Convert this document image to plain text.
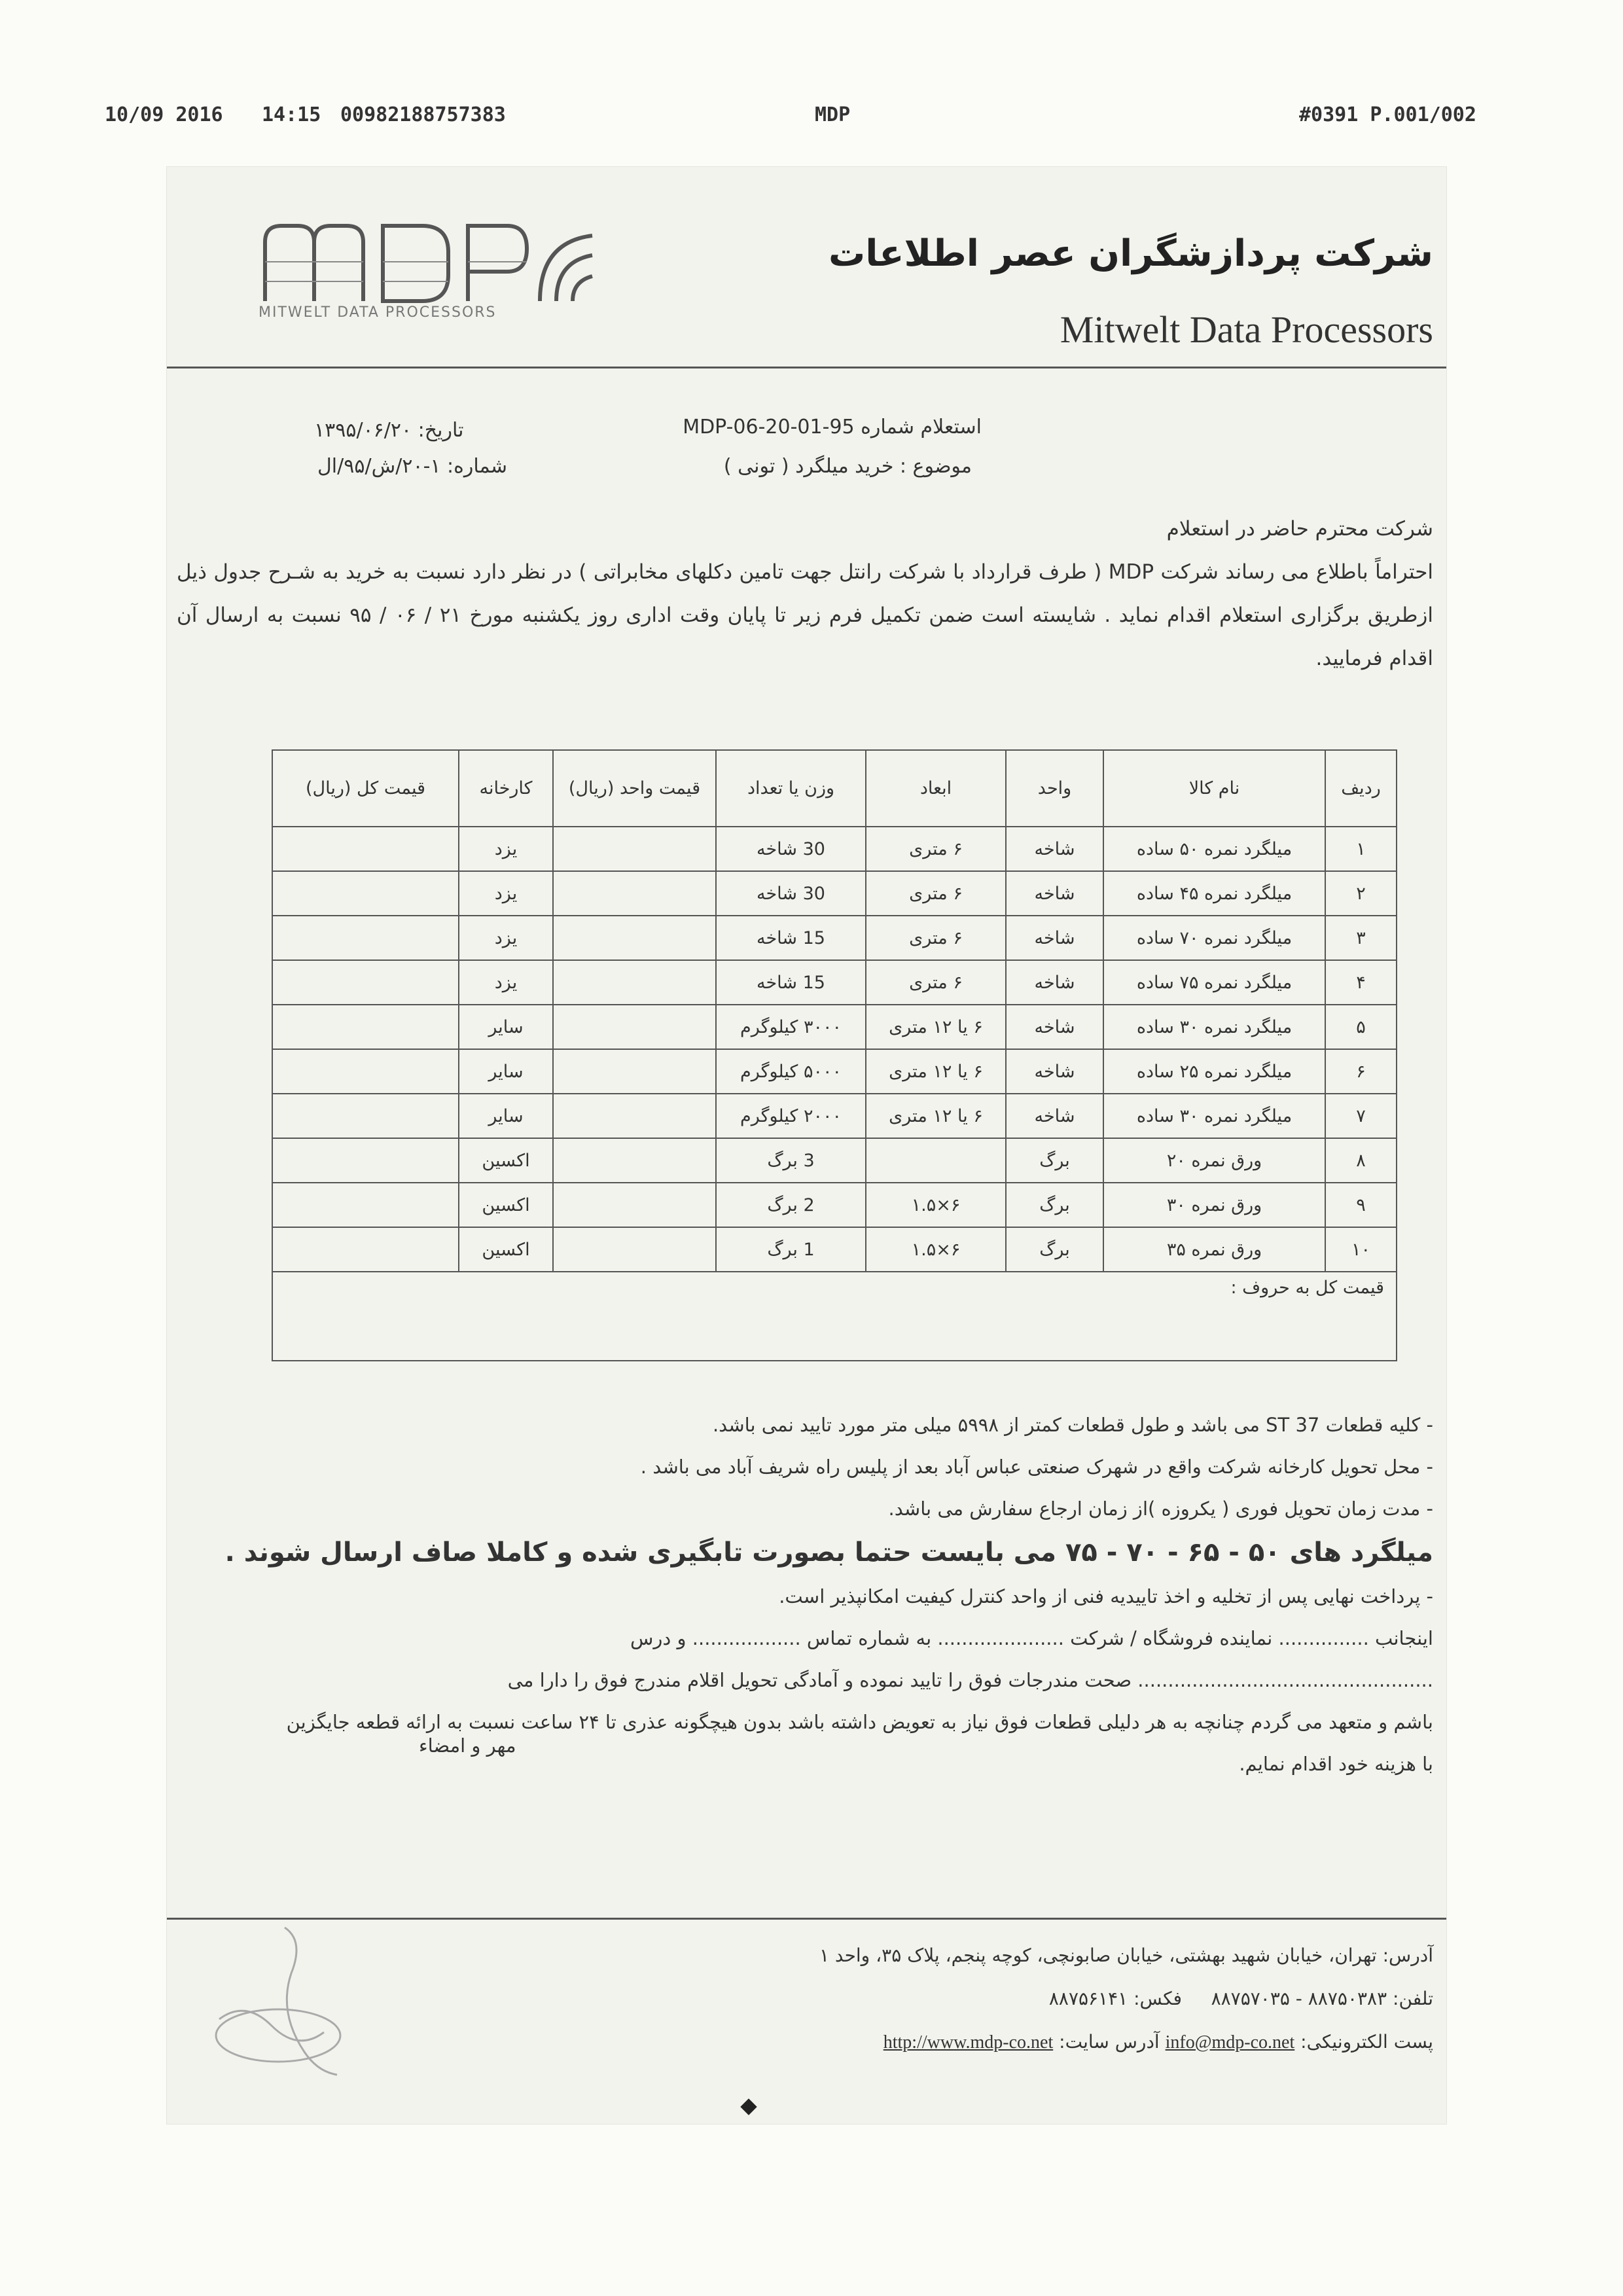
10/09 2016 14:15 00982188757383	MDP	#0391 P.001/002
MITWELT DATA PROCESSORS
شرکت پردازشگران عصر اطلاعات
Mitwelt Data Processors
استعلام شماره 95-MDP-06-20-01
موضوع : خرید میلگرد ( تونی )
تاریخ: ۱۳۹۵/۰۶/۲۰
شماره: ۱-۲۰/ش/۹۵/ال

شرکت محترم حاضر در استعلام

احتراماً باطلاع می رساند شرکت MDP ( طرف قرارداد با شرکت رانتل جهت تامین دکلهای مخابراتی ) در نظر دارد نسبت به خرید به شـرح جدول ذیل ازطریق برگزاری استعلام اقدام نماید . شایسته است ضمن تکمیل فرم زیر تا پایان وقت اداری روز یکشنبه مورخ ۲۱ / ۰۶ / ۹۵ نسبت به ارسال آن اقدام فرمایید.

ردیف	نام کالا	واحد	ابعاد	وزن یا تعداد	قیمت واحد (ریال)	کارخانه	قیمت کل (ریال)
۱	میلگرد نمره ۵۰ ساده	شاخه	۶ متری	30 شاخه		یزد	
۲	میلگرد نمره ۴۵ ساده	شاخه	۶ متری	30 شاخه		یزد	
۳	میلگرد نمره ۷۰ ساده	شاخه	۶ متری	15 شاخه		یزد	
۴	میلگرد نمره ۷۵ ساده	شاخه	۶ متری	15 شاخه		یزد	
۵	میلگرد نمره ۳۰ ساده	شاخه	۶ یا ۱۲ متری	۳۰۰۰ کیلوگرم		سایر	
۶	میلگرد نمره ۲۵ ساده	شاخه	۶ یا ۱۲ متری	۵۰۰۰ کیلوگرم		سایر	
۷	میلگرد نمره ۳۰ ساده	شاخه	۶ یا ۱۲ متری	۲۰۰۰ کیلوگرم		سایر	
۸	ورق نمره ۲۰	برگ		3 برگ		اکسین	
۹	ورق نمره ۳۰	برگ	۶×۱.۵	2 برگ		اکسین	
۱۰	ورق نمره ۳۵	برگ	۶×۱.۵	1 برگ		اکسین	
قیمت کل به حروف :							

- کلیه قطعات ST 37 می باشد و طول قطعات کمتر از ۵۹۹۸ میلی متر مورد تایید نمی باشد.

- محل تحویل کارخانه شرکت واقع در شهرک صنعتی عباس آباد بعد از پلیس راه شریف آباد می باشد .

- مدت زمان تحویل فوری ( یکروزه )از زمان ارجاع سفارش می باشد.

میلگرد های ۵۰ - ۶۵ - ۷۰ - ۷۵ می بایست حتما بصورت تابگیری شده و کاملا صاف ارسال شوند .

- پرداخت نهایی پس از تخلیه و اخذ تاییدیه فنی از واحد کنترل کیفیت امکانپذیر است.

اینجانب ............... نماینده فروشگاه / شرکت ..................... به شماره تماس .................. و درس

................................................. صحت مندرجات فوق را تایید نموده و آمادگی تحویل اقلام مندرج فوق را دارا می

باشم و متعهد می گردم چنانچه به هر دلیلی قطعات فوق نیاز به تعویض داشته باشد بدون هیچگونه عذری تا ۲۴ ساعت نسبت به ارائه قطعه جایگزین

با هزینه خود اقدام نمایم.

مهر و امضاء

آدرس: تهران، خیابان شهید بهشتی، خیابان صابونچی، کوچه پنجم، پلاک ۳۵، واحد ۱

تلفن: ۸۸۷۵۰۳۸۳ - ۸۸۷۵۷۰۳۵     فکس: ۸۸۷۵۶۱۴۱

پست الکترونیکی: info@mdp-co.net آدرس سایت: http://www.mdp-co.net
